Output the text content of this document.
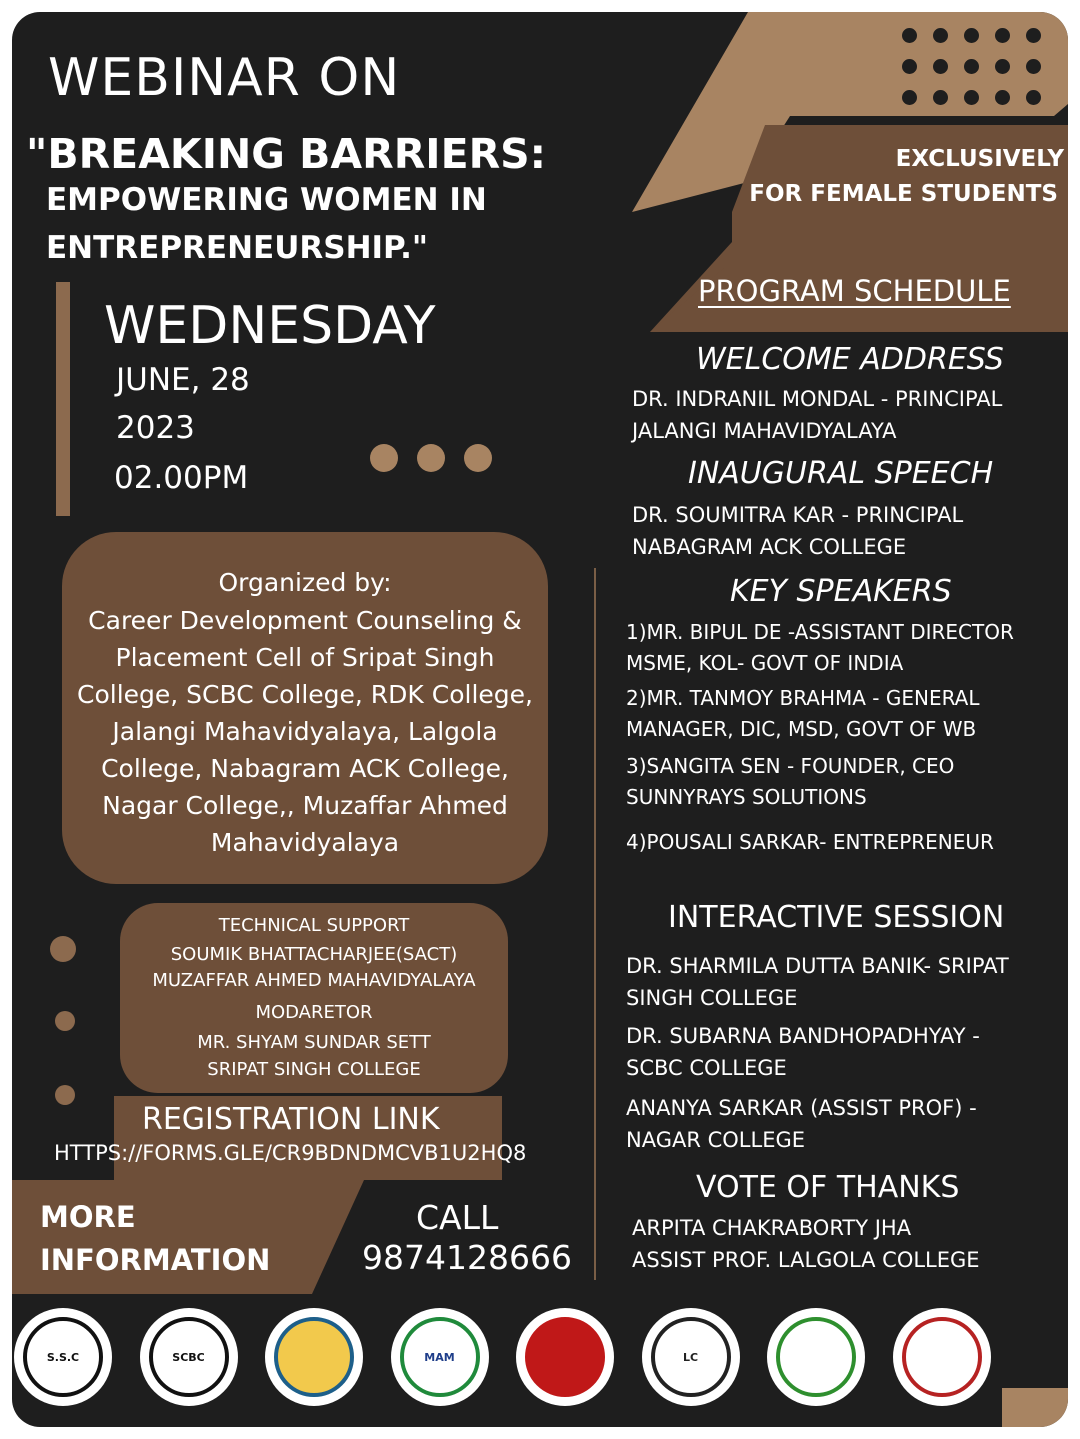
WEBINAR ON
"BREAKING BARRIERS:
EMPOWERING WOMEN IN
ENTREPRENEURSHIP."
EXCLUSIVELY
FOR FEMALE STUDENTS
WEDNESDAY
JUNE, 28
2023
02.00PM
Organized by:
Career Development Counseling &
Placement Cell of Sripat Singh
College, SCBC College, RDK College,
Jalangi Mahavidyalaya, Lalgola
College, Nabagram ACK College,
Nagar College,, Muzaffar Ahmed
Mahavidyalaya
TECHNICAL SUPPORT
SOUMIK BHATTACHARJEE(SACT)
MUZAFFAR AHMED MAHAVIDYALAYA
MODARETOR
MR. SHYAM SUNDAR SETT
SRIPAT SINGH COLLEGE
REGISTRATION LINK
HTTPS://FORMS.GLE/CR9BDNDMCVB1U2HQ8
MORE
INFORMATION
CALL
9874128666
PROGRAM SCHEDULE
WELCOME ADDRESS
DR. INDRANIL MONDAL - PRINCIPAL
JALANGI MAHAVIDYALAYA
INAUGURAL SPEECH
DR. SOUMITRA KAR - PRINCIPAL
NABAGRAM ACK COLLEGE
KEY SPEAKERS
1)MR. BIPUL DE -ASSISTANT DIRECTOR
MSME, KOL- GOVT OF INDIA
2)MR. TANMOY BRAHMA - GENERAL
MANAGER, DIC, MSD, GOVT OF WB
3)SANGITA SEN - FOUNDER, CEO
SUNNYRAYS SOLUTIONS
4)POUSALI SARKAR- ENTREPRENEUR
INTERACTIVE SESSION
DR. SHARMILA DUTTA BANIK- SRIPAT
SINGH COLLEGE
DR. SUBARNA BANDHOPADHYAY -
SCBC COLLEGE
ANANYA SARKAR (ASSIST PROF) -
NAGAR COLLEGE
VOTE OF THANKS
ARPITA CHAKRABORTY JHA
ASSIST PROF. LALGOLA COLLEGE
S.S.C	SCBC	MAM	LC
